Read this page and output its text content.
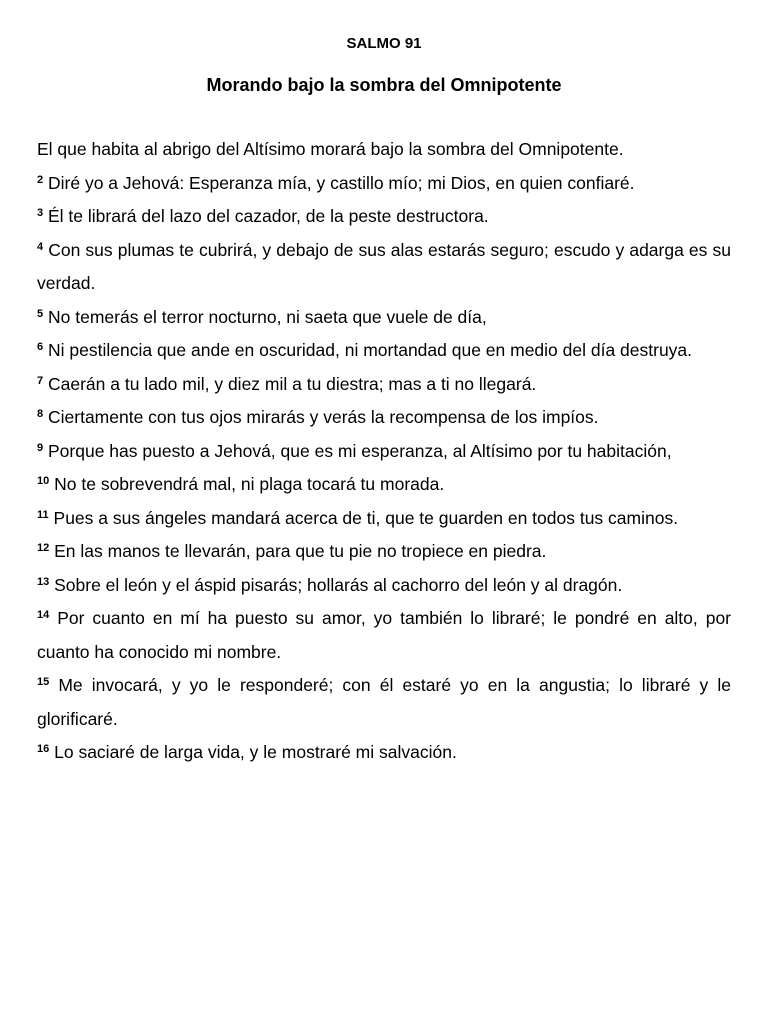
SALMO 91
Morando bajo la sombra del Omnipotente

El que habita al abrigo del Altísimo morará bajo la sombra del Omnipotente.

$^2$ Diré yo a Jehová: Esperanza mía, y castillo mío; mi Dios, en quien confiaré.

$^3$ Él te librará del lazo del cazador, de la peste destructora.

$^4$ Con sus plumas te cubrirá, y debajo de sus alas estarás seguro; escudo y adarga es su verdad.

$^5$ No temerás el terror nocturno, ni saeta que vuele de día,

$^6$ Ni pestilencia que ande en oscuridad, ni mortandad que en medio del día destruya.

$^7$ Caerán a tu lado mil, y diez mil a tu diestra; mas a ti no llegará.

$^8$ Ciertamente con tus ojos mirarás y verás la recompensa de los impíos.

$^9$ Porque has puesto a Jehová, que es mi esperanza, al Altísimo por tu habitación,

$^{10}$ No te sobrevendrá mal, ni plaga tocará tu morada.

$^{11}$ Pues a sus ángeles mandará acerca de ti, que te guarden en todos tus caminos.

$^{12}$ En las manos te llevarán, para que tu pie no tropiece en piedra.

$^{13}$ Sobre el león y el áspid pisarás; hollarás al cachorro del león y al dragón.

$^{14}$ Por cuanto en mí ha puesto su amor, yo también lo libraré; le pondré en alto, por cuanto ha conocido mi nombre.

$^{15}$ Me invocará, y yo le responderé; con él estaré yo en la angustia; lo libraré y le glorificaré.

$^{16}$ Lo saciaré de larga vida, y le mostraré mi salvación.
